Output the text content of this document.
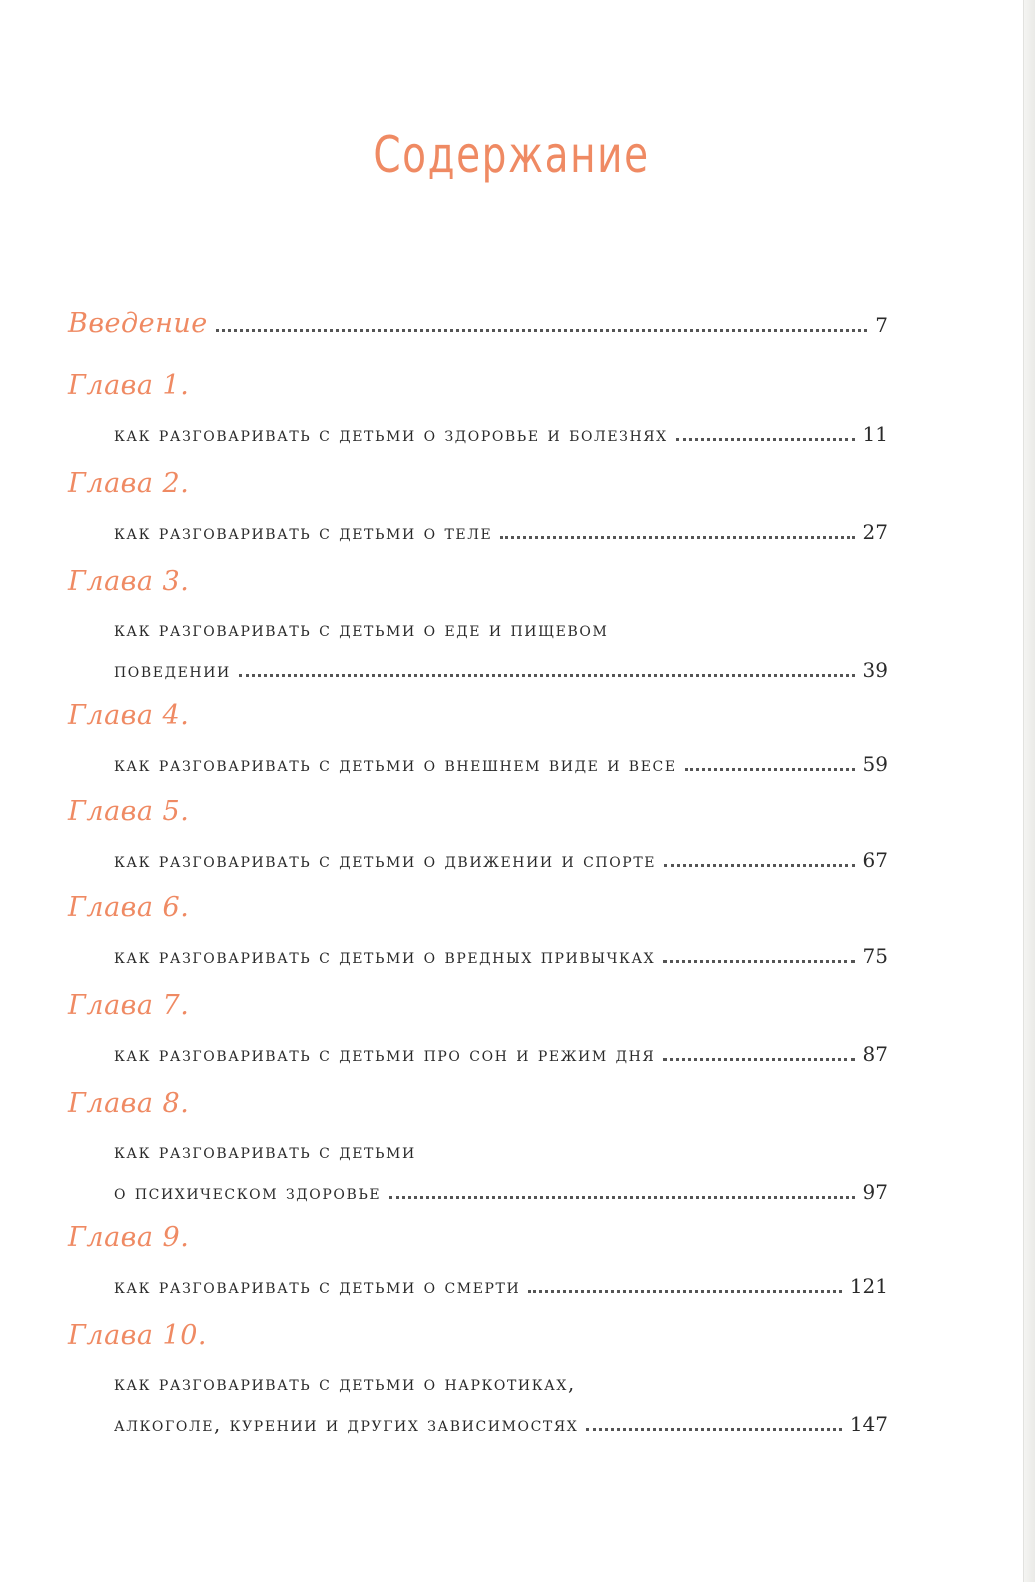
Содержание
Введение	7
Глава 1.
как разговаривать с детьми о здоровье и болезнях	11
Глава 2.
как разговаривать с детьми о теле	27
Глава 3.
как разговаривать с детьми о еде и пищевом
поведении	39
Глава 4.
как разговаривать с детьми о внешнем виде и весе	59
Глава 5.
как разговаривать с детьми о движении и спорте	67
Глава 6.
как разговаривать с детьми о вредных привычках	75
Глава 7.
как разговаривать с детьми про сон и режим дня	87
Глава 8.
как разговаривать с детьми
о психическом здоровье	97
Глава 9.
как разговаривать с детьми о смерти	121
Глава 10.
как разговаривать с детьми о наркотиках,
алкоголе, курении и других зависимостях	147
